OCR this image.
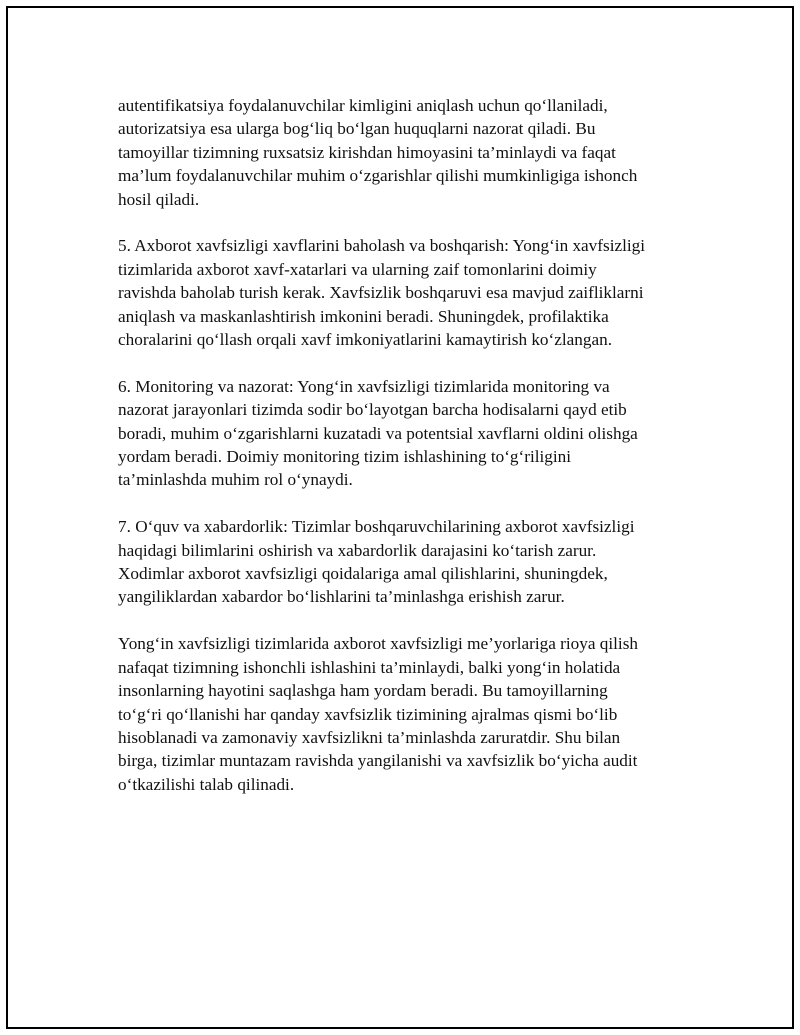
autentifikatsiya foydalanuvchilar kimligini aniqlash uchun qo‘llaniladi,
autorizatsiya esa ularga bog‘liq bo‘lgan huquqlarni nazorat qiladi. Bu
tamoyillar tizimning ruxsatsiz kirishdan himoyasini ta’minlaydi va faqat
ma’lum foydalanuvchilar muhim o‘zgarishlar qilishi mumkinligiga ishonch
hosil qiladi.

5. Axborot xavfsizligi xavflarini baholash va boshqarish: Yong‘in xavfsizligi
tizimlarida axborot xavf-xatarlari va ularning zaif tomonlarini doimiy
ravishda baholab turish kerak. Xavfsizlik boshqaruvi esa mavjud zaifliklarni
aniqlash va maskanlashtirish imkonini beradi. Shuningdek, profilaktika
choralarini qo‘llash orqali xavf imkoniyatlarini kamaytirish ko‘zlangan.

6. Monitoring va nazorat: Yong‘in xavfsizligi tizimlarida monitoring va
nazorat jarayonlari tizimda sodir bo‘layotgan barcha hodisalarni qayd etib
boradi, muhim o‘zgarishlarni kuzatadi va potentsial xavflarni oldini olishga
yordam beradi. Doimiy monitoring tizim ishlashining to‘g‘riligini
ta’minlashda muhim rol o‘ynaydi.

7. O‘quv va xabardorlik: Tizimlar boshqaruvchilarining axborot xavfsizligi
haqidagi bilimlarini oshirish va xabardorlik darajasini ko‘tarish zarur.
Xodimlar axborot xavfsizligi qoidalariga amal qilishlarini, shuningdek,
yangiliklardan xabardor bo‘lishlarini ta’minlashga erishish zarur.

Yong‘in xavfsizligi tizimlarida axborot xavfsizligi me’yorlariga rioya qilish
nafaqat tizimning ishonchli ishlashini ta’minlaydi, balki yong‘in holatida
insonlarning hayotini saqlashga ham yordam beradi. Bu tamoyillarning
to‘g‘ri qo‘llanishi har qanday xavfsizlik tizimining ajralmas qismi bo‘lib
hisoblanadi va zamonaviy xavfsizlikni ta’minlashda zaruratdir. Shu bilan
birga, tizimlar muntazam ravishda yangilanishi va xavfsizlik bo‘yicha audit
o‘tkazilishi talab qilinadi.
